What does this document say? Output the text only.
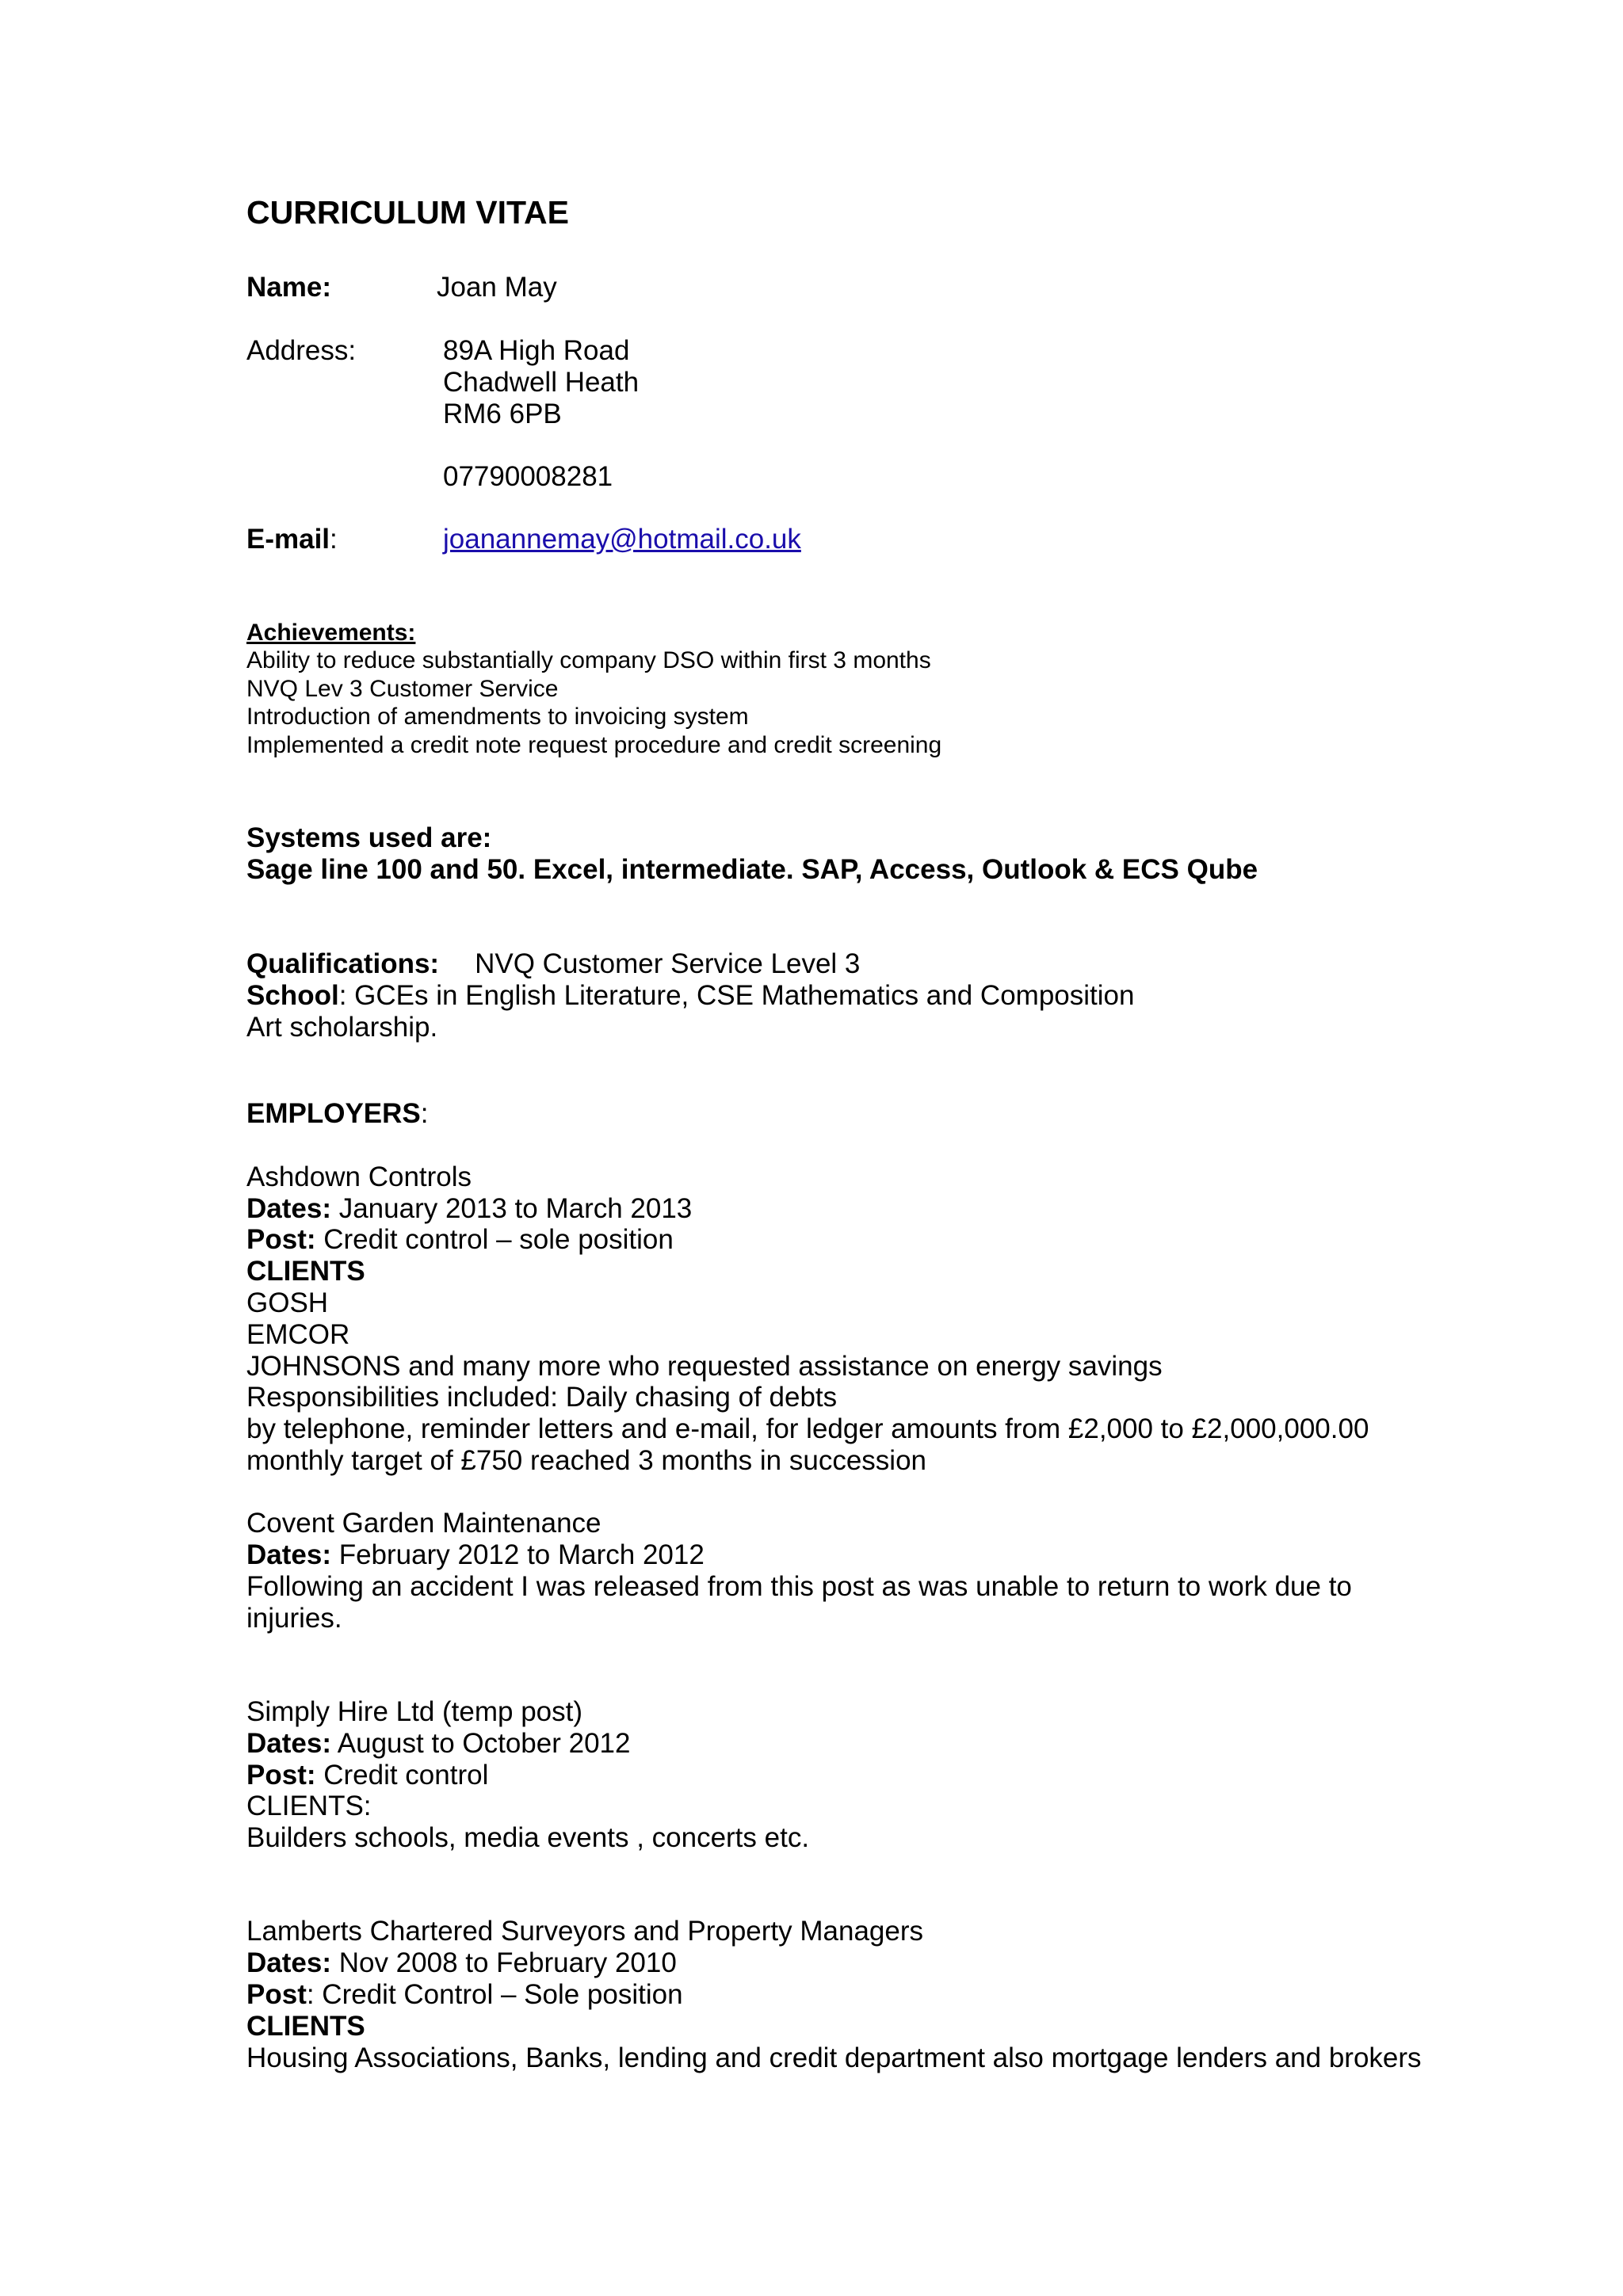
CURRICULUM VITAE
Name:	Joan May
Address:	89A High Road
Chadwell Heath
RM6 6PB
07790008281
E-mail:	joanannemay@hotmail.co.uk
Achievements:
Ability to reduce substantially company DSO within first 3 months
NVQ Lev 3 Customer Service
Introduction of amendments to invoicing system
Implemented a credit note request procedure and credit screening
Systems used are:
Sage line 100 and 50. Excel, intermediate. SAP, Access, Outlook & ECS Qube
Qualifications: NVQ Customer Service Level 3
School: GCEs in English Literature, CSE Mathematics and Composition
Art scholarship.
EMPLOYERS:
Ashdown Controls
Dates: January 2013 to March 2013
Post: Credit control – sole position
CLIENTS
GOSH
EMCOR
JOHNSONS and many more who requested assistance on energy savings
Responsibilities included: Daily chasing of debts
by telephone, reminder letters and e-mail, for ledger amounts from £2,000 to £2,000,000.00
monthly target of £750 reached 3 months in succession
Covent Garden Maintenance
Dates: February 2012 to March 2012
Following an accident I was released from this post as was unable to return to work due to
injuries.
Simply Hire Ltd (temp post)
Dates: August to October 2012
Post: Credit control
CLIENTS:
Builders schools, media events , concerts etc.
Lamberts Chartered Surveyors and Property Managers
Dates: Nov 2008 to February 2010
Post: Credit Control – Sole position
CLIENTS
Housing Associations, Banks, lending and credit department also mortgage lenders and brokers
